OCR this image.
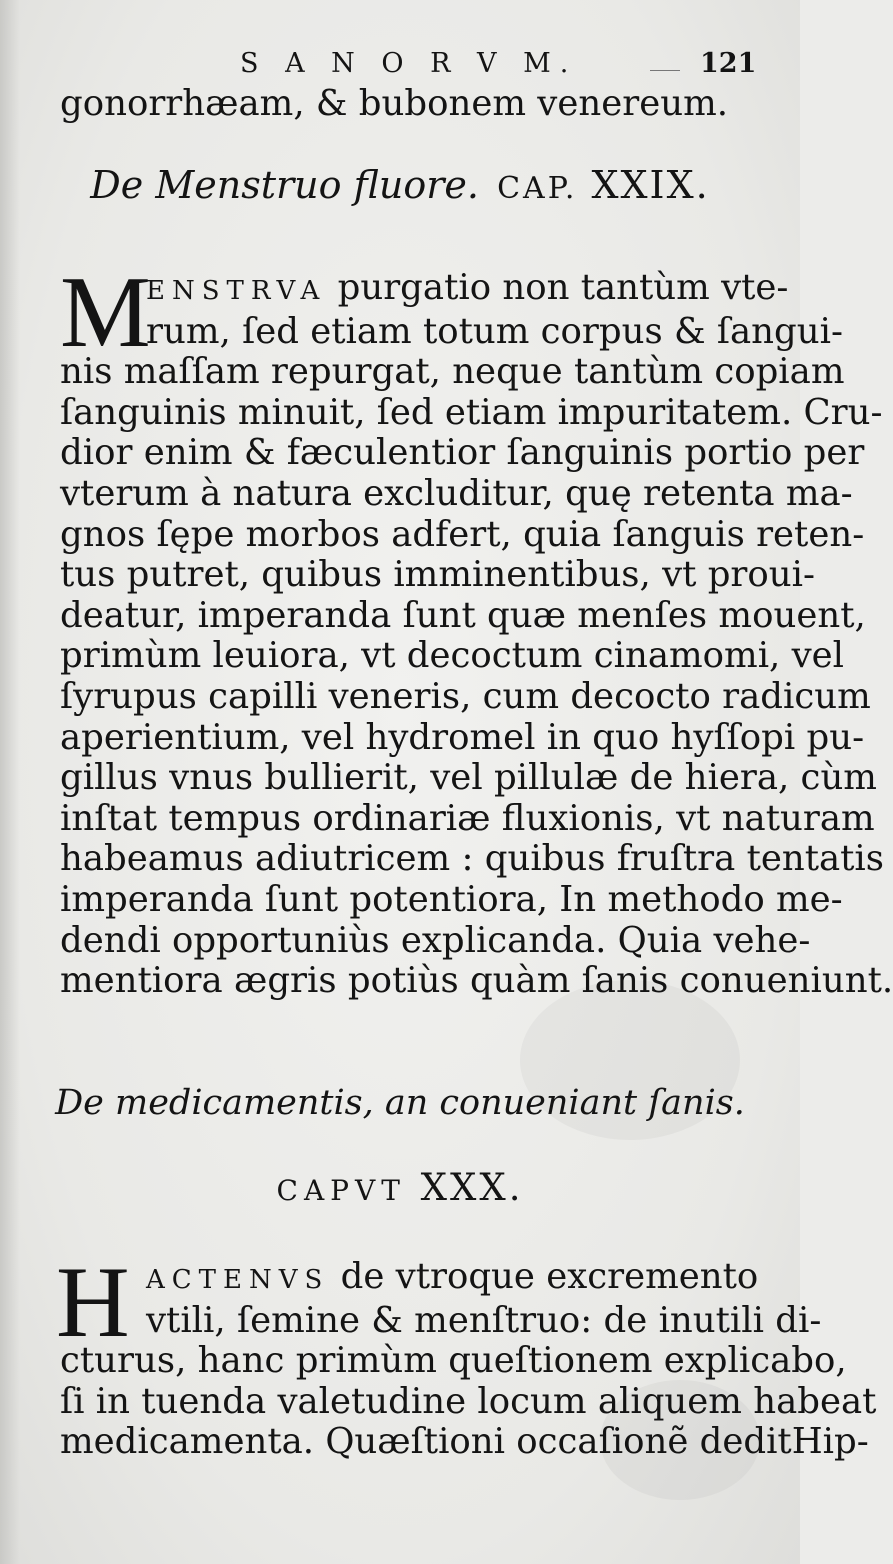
S A N O R V M.	121
gonorrhæam, & bubonem venereum.
De Menstruo fluore. CAP. XXIX.
M
ENSTRVA purgatio non tantùm vte-
rum, ſed etiam totum corpus & ſangui-
nis maſſam repurgat, neque tantùm copiam
ſanguinis minuit, ſed etiam impuritatem. Cru-
dior enim & fæculentior ſanguinis portio per
vterum à natura excluditur, quę retenta ma-
gnos ſępe morbos adfert, quia ſanguis reten-
tus putret, quibus imminentibus, vt proui-
deatur, imperanda ſunt quæ menſes mouent,
primùm leuiora, vt decoctum cinamomi, vel
ſyrupus capilli veneris, cum decocto radicum
aperientium, vel hydromel in quo hyſſopi pu-
gillus vnus bullierit, vel pillulæ de hiera, cùm
inſtat tempus ordinariæ fluxionis, vt naturam
habeamus adiutricem : quibus fruſtra tentatis
imperanda ſunt potentiora, In methodo me-
dendi opportuniùs explicanda. Quia vehe-
mentiora ægris potiùs quàm ſanis conueniunt.
De medicamentis, an conueniant ſanis.
CAPVT XXX.
H ACTENVS de vtroque excremento
vtili, ſemine & menſtruo: de inutili di-
cturus, hanc primùm queſtionem explicabo,
ſi in tuenda valetudine locum aliquem habeat
medicamenta. Quæſtioni occaſionẽ deditHip-
